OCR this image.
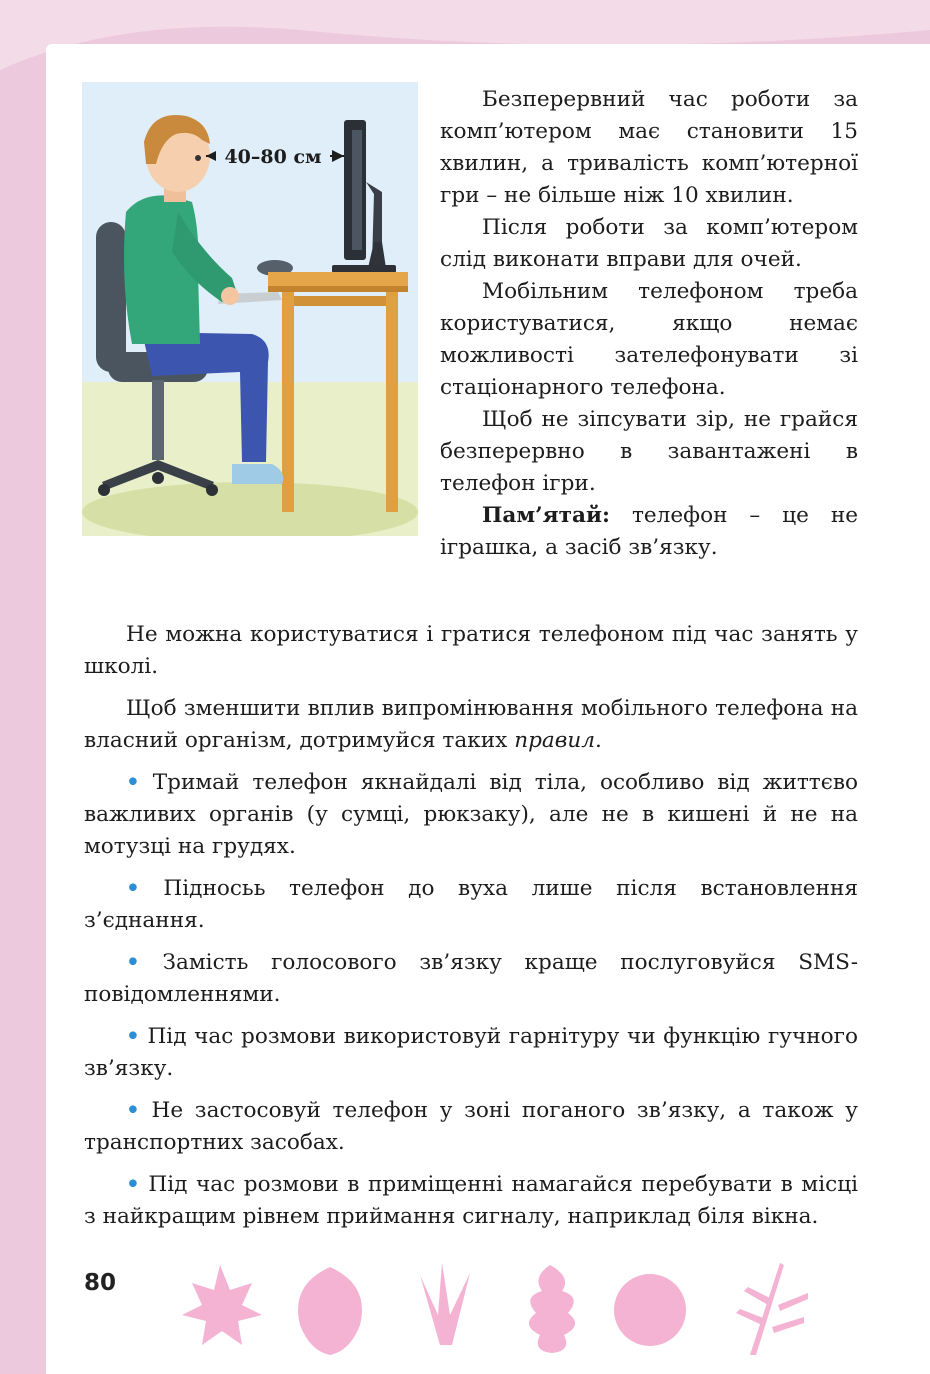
40–80 см

Безперервний час роботи за комп’ютером має становити 15 хвилин, а тривалість комп’ютерної гри – не більше ніж 10 хвилин.

Після роботи за комп’ютером слід виконати вправи для очей.

Мобільним телефоном треба користуватися, якщо немає можливості зателефонувати зі стаціонарного телефона.

Щоб не зіпсувати зір, не грайся безперервно в завантажені в телефон ігри.

Пам’ятай: телефон – це не іграшка, а засіб зв’язку.

Не можна користуватися і гратися телефоном під час занять у школі.

Щоб зменшити вплив випромінювання мобільного телефона на власний організм, дотримуйся таких правил.

• Тримай телефон якнайдалі від тіла, особливо від життєво важливих органів (у сумці, рюкзаку), але не в кишені й не на мотузці на грудях.

• Підносьь телефон до вуха лише після встановлення з’єднання.

• Замість голосового зв’язку краще послуговуйся SMS-повідомленнями.

• Під час розмови використовуй гарнітуру чи функцію гучного зв’язку.

• Не застосовуй телефон у зоні поганого зв’язку, а також у транспортних засобах.

• Під час розмови в приміщенні намагайся перебувати в місці з найкращим рівнем приймання сигналу, наприклад біля вікна.

80
